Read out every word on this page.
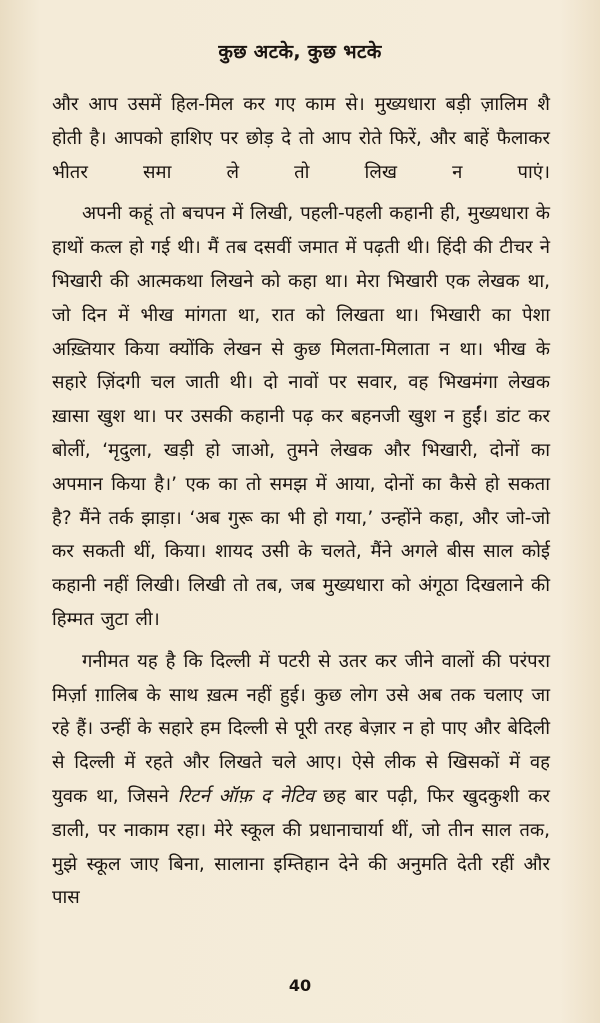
कुछ अटके, कुछ भटके

और आप उसमें हिल-मिल कर गए काम से। मुख्यधारा बड़ी ज़ालिम शै होती है। आपको हाशिए पर छोड़ दे तो आप रोते फिरें, और बाहें फैलाकर भीतर समा ले तो लिख न पाएं।

अपनी कहूं तो बचपन में लिखी, पहली-पहली कहानी ही, मुख्यधारा के हाथों कत्ल हो गई थी। मैं तब दसवीं जमात में पढ़ती थी। हिंदी की टीचर ने भिखारी की आत्मकथा लिखने को कहा था। मेरा भिखारी एक लेखक था, जो दिन में भीख मांगता था, रात को लिखता था। भिखारी का पेशा अख़्तियार किया क्योंकि लेखन से कुछ मिलता-मिलाता न था। भीख के सहारे ज़िंदगी चल जाती थी। दो नावों पर सवार, वह भिखमंगा लेखक ख़ासा खुश था। पर उसकी कहानी पढ़ कर बहनजी खुश न हुईं। डांट कर बोलीं, ‘मृदुला, खड़ी हो जाओ, तुमने लेखक और भिखारी, दोनों का अपमान किया है।’ एक का तो समझ में आया, दोनों का कैसे हो सकता है? मैंने तर्क झाड़ा। ‘अब गुरू का भी हो गया,’ उन्होंने कहा, और जो-जो कर सकती थीं, किया। शायद उसी के चलते, मैंने अगले बीस साल कोई कहानी नहीं लिखी। लिखी तो तब, जब मुख्यधारा को अंगूठा दिखलाने की हिम्मत जुटा ली।

गनीमत यह है कि दिल्ली में पटरी से उतर कर जीने वालों की परंपरा मिर्ज़ा ग़ालिब के साथ ख़त्म नहीं हुई। कुछ लोग उसे अब तक चलाए जा रहे हैं। उन्हीं के सहारे हम दिल्ली से पूरी तरह बेज़ार न हो पाए और बेदिली से दिल्ली में रहते और लिखते चले आए। ऐसे लीक से खिसकों में वह युवक था, जिसने रिटर्न ऑफ़ द नेटिव छह बार पढ़ी, फिर खुदकुशी कर डाली, पर नाकाम रहा। मेरे स्कूल की प्रधानाचार्या थीं, जो तीन साल तक, मुझे स्कूल जाए बिना, सालाना इम्तिहान देने की अनुमति देती रहीं और पास

40
